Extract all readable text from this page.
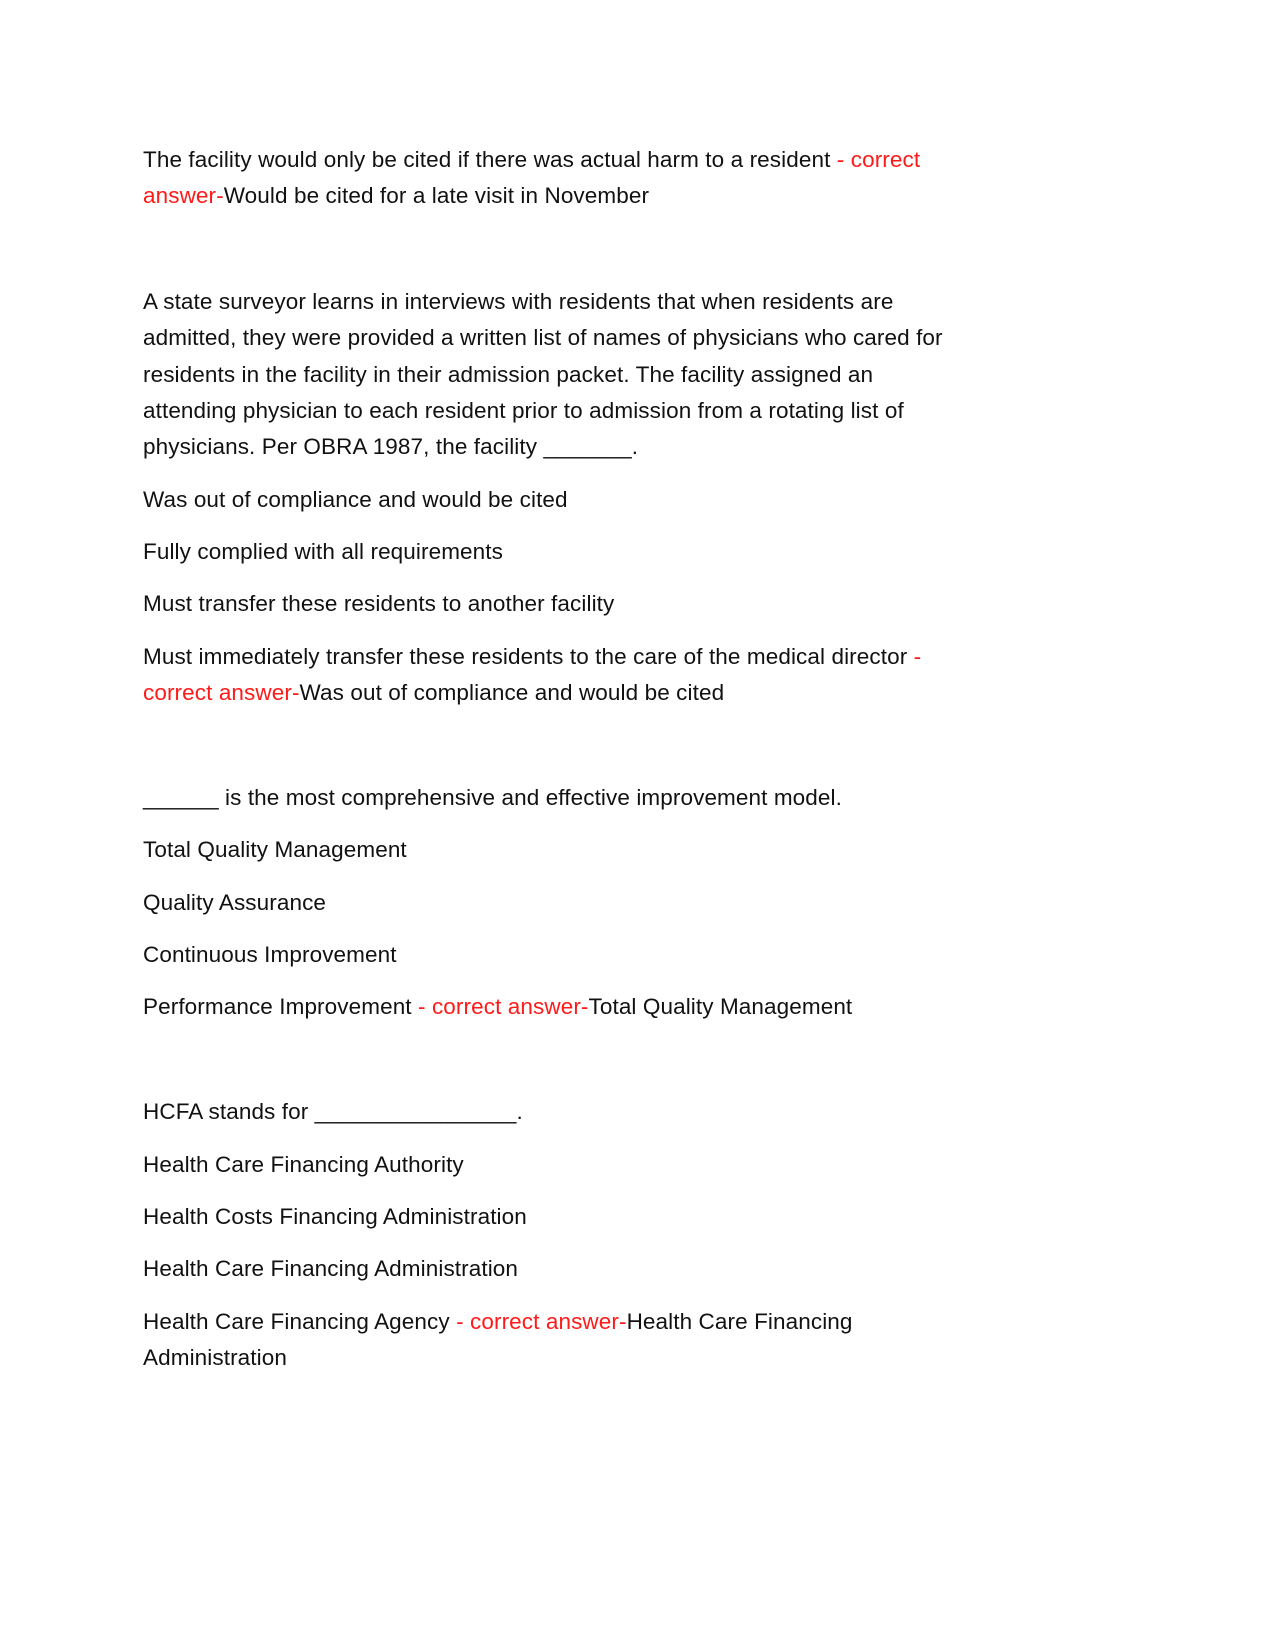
The facility would only be cited if there was actual harm to a resident - correct
answer-Would be cited for a late visit in November
A state surveyor learns in interviews with residents that when residents are
admitted, they were provided a written list of names of physicians who cared for
residents in the facility in their admission packet. The facility assigned an
attending physician to each resident prior to admission from a rotating list of
physicians. Per OBRA 1987, the facility _______.
Was out of compliance and would be cited
Fully complied with all requirements
Must transfer these residents to another facility
Must immediately transfer these residents to the care of the medical director -
correct answer-Was out of compliance and would be cited
______ is the most comprehensive and effective improvement model.
Total Quality Management
Quality Assurance
Continuous Improvement
Performance Improvement - correct answer-Total Quality Management
HCFA stands for ________________.
Health Care Financing Authority
Health Costs Financing Administration
Health Care Financing Administration
Health Care Financing Agency - correct answer-Health Care Financing
Administration
